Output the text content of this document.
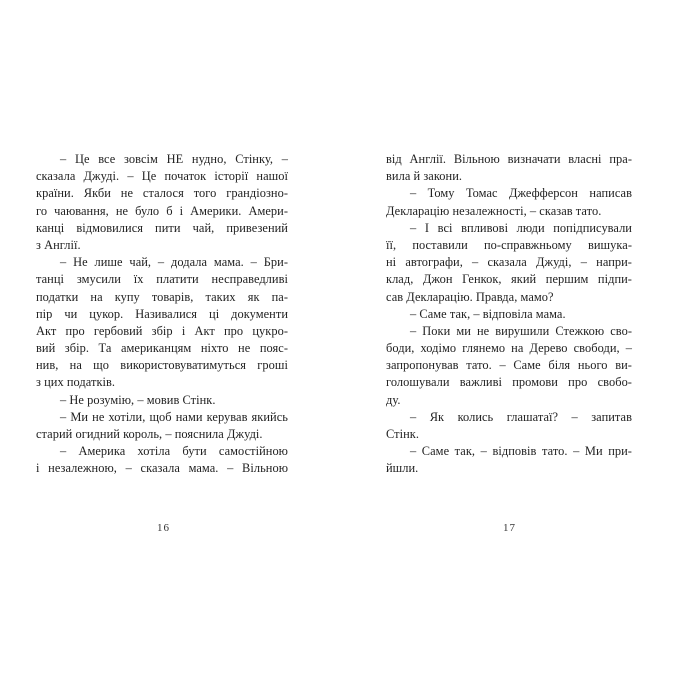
– Це все зовсім НЕ нудно, Стінку, –
сказала Джуді. – Це початок історії нашої
країни. Якби не сталося того грандіозно-
го чаювання, не було б і Америки. Амери-
канці відмовилися пити чай, привезений
з Англії.
– Не лише чай, – додала мама. – Бри-
танці змусили їх платити несправедливі
податки на купу товарів, таких як па-
пір чи цукор. Називалися ці документи
Акт про гербовий збір і Акт про цукро-
вий збір. Та американцям ніхто не пояс-
нив, на що використовуватимуться гроші
з цих податків.
– Не розумію, – мовив Стінк.
– Ми не хотіли, щоб нами керував якийсь
старий огидний король, – пояснила Джуді.
– Америка хотіла бути самостійною
і незалежною, – сказала мама. – Вільною
від Англії. Вільною визначати власні пра-
вила й закони.
– Тому Томас Джефферсон написав
Декларацію незалежності, – сказав тато.
– І всі впливові люди попідписували
її, поставили по-справжньому вишука-
ні автографи, – сказала Джуді, – напри-
клад, Джон Генкок, який першим підпи-
сав Декларацію. Правда, мамо?
– Саме так, – відповіла мама.
– Поки ми не вирушили Стежкою сво-
боди, ходімо глянемо на Дерево свободи, –
запропонував тато. – Саме біля нього ви-
голошували важливі промови про свобо-
ду.
– Як колись глашатаї? – запитав
Стінк.
– Саме так, – відповів тато. – Ми при-
йшли.
16	17
